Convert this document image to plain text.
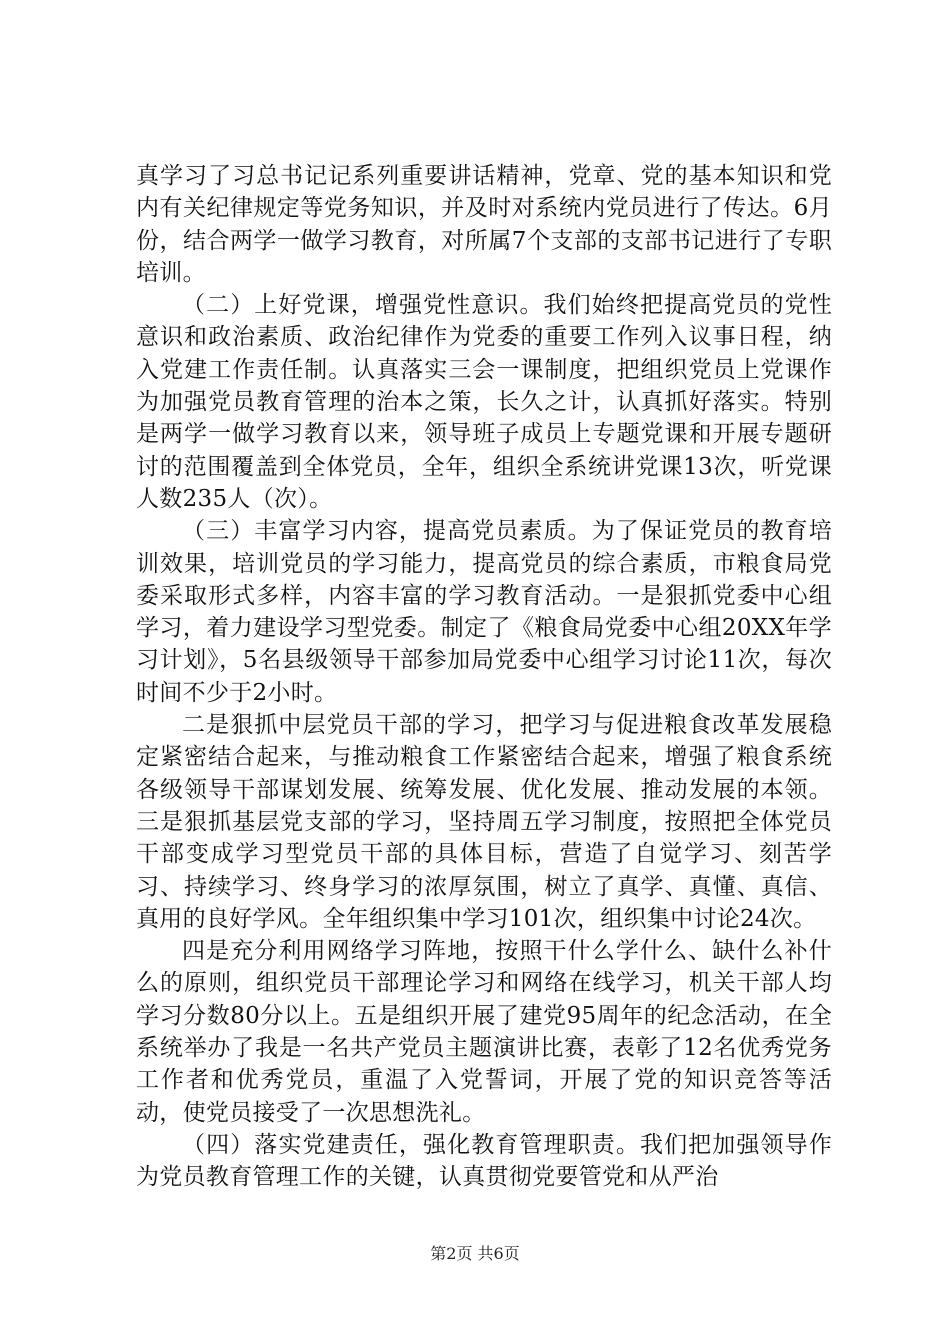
真学习了习总书记记系列重要讲话精神，党章、党的基本知识和党内有关纪律规定等党务知识，并及时对系统内党员进行了传达。6月份，结合两学一做学习教育，对所属7个支部的支部书记进行了专职培训。

（二）上好党课，增强党性意识。我们始终把提高党员的党性意识和政治素质、政治纪律作为党委的重要工作列入议事日程，纳入党建工作责任制。认真落实三会一课制度，把组织党员上党课作为加强党员教育管理的治本之策，长久之计，认真抓好落实。特别是两学一做学习教育以来，领导班子成员上专题党课和开展专题研讨的范围覆盖到全体党员，全年，组织全系统讲党课13次，听党课人数235人（次）。

（三）丰富学习内容，提高党员素质。为了保证党员的教育培训效果，培训党员的学习能力，提高党员的综合素质，市粮食局党委采取形式多样，内容丰富的学习教育活动。一是狠抓党委中心组学习，着力建设学习型党委。制定了《粮食局党委中心组20XX年学习计划》，5名县级领导干部参加局党委中心组学习讨论11次，每次时间不少于2小时。

二是狠抓中层党员干部的学习，把学习与促进粮食改革发展稳定紧密结合起来，与推动粮食工作紧密结合起来，增强了粮食系统各级领导干部谋划发展、统筹发展、优化发展、推动发展的本领。三是狠抓基层党支部的学习，坚持周五学习制度，按照把全体党员干部变成学习型党员干部的具体目标，营造了自觉学习、刻苦学习、持续学习、终身学习的浓厚氛围，树立了真学、真懂、真信、真用的良好学风。全年组织集中学习101次，组织集中讨论24次。

四是充分利用网络学习阵地，按照干什么学什么、缺什么补什么的原则，组织党员干部理论学习和网络在线学习，机关干部人均学习分数80分以上。五是组织开展了建党95周年的纪念活动，在全系统举办了我是一名共产党员主题演讲比赛，表彰了12名优秀党务工作者和优秀党员，重温了入党誓词，开展了党的知识竞答等活动，使党员接受了一次思想洗礼。

（四）落实党建责任，强化教育管理职责。我们把加强领导作为党员教育管理工作的关键，认真贯彻党要管党和从严治

第2页 共6页
